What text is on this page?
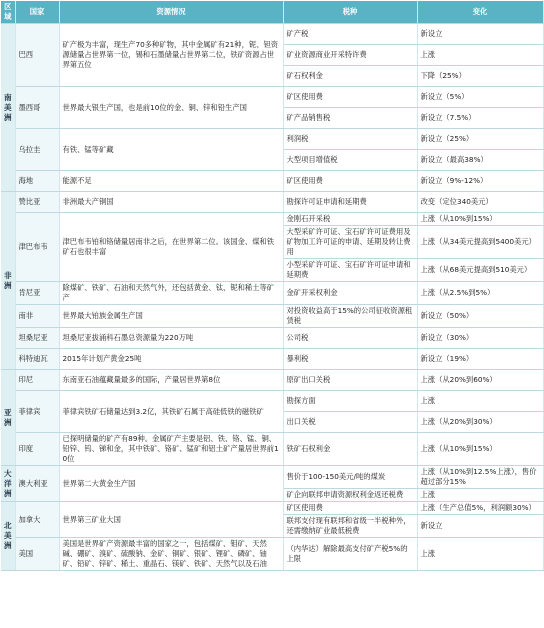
区域	国家	资源情况	税种	变化
南美洲	巴西	矿产极为丰富，现生产70多种矿物，其中金属矿有21种，铌、钽资源储量占世界第一位，锡和石墨储量占世界第二位，铁矿资源占世界第五位	矿产税	新设立
			矿业资源商业开采特许费	上涨
			矿石权利金	下降（25%）
	墨西哥	世界最大银生产国，也是前10位的金、铜、锌和铅生产国	矿区使用费	新设立（5%）
			矿产品销售税	新设立（7.5%）
	乌拉圭	有铁、锰等矿藏	利润税	新设立（25%）
			大型项目增值税	新设立（最高38%）
	海地	能源不足	矿区使用费	新设立（9%-12%）
非洲	赞比亚	非洲最大产铜国	勘探许可证申请和延期费	改变（定位340美元）
	津巴布韦	津巴布韦铂和铬储量居南非之后，在世界第二位。该国金、煤和铁矿石也很丰富	金刚石开采税	上涨（从10%到15%）
			大型采矿许可证、宝石矿许可证费用及矿物加工许可证的申请、延期及转让费用	上涨（从34美元提高到5400美元）
			小型采矿许可证、宝石矿许可证申请和延期费	上涨（从68美元提高到510美元）
	肯尼亚	除煤矿、铁矿、石油和天然气外，还包括黄金、钛、铌和稀土等矿产	金矿开采权利金	上涨（从2.5%到5%）
	南非	世界最大铂族金属生产国	对投资收益高于15%的公司征收资源租赁税	新设立（50%）
	坦桑尼亚	坦桑尼亚拔涌科石墨总资源量为220万吨	公司税	新设立（30%）
	科特迪瓦	2015年计划产黄金25吨	暴利税	新设立（19%）
亚洲	印尼	东南亚石油蕴藏量最多的国际，产量居世界第8位	原矿出口关税	上涨（从20%到60%）
	菲律宾	菲律宾铁矿石储量达到3.2亿，其铁矿石属于高硅低铁的磁铁矿	勘探方面	上涨
			出口关税	上涨（从20%到30%）
	印度	已探明储量的矿产有89种。金属矿产主要是铝、铁、铬、锰、铜、铅锌、钨、锑和金，其中铁矿、铬矿、锰矿和铝土矿产量居世界前10位	铁矿石权利金	上涨（从10%到15%）
大洋洲	澳大利亚	世界第二大黄金生产国	售价于100-150美元/吨的煤炭	上涨（从10%到12.5%上涨），售价超过部分15%
			矿企向联邦申请资源权利金返还税费	上涨
北美洲	加拿大	世界第三矿业大国	矿区使用费	上涨（生产总值5%，利润额30%）
			联邦支付现有联邦和省级一半税种外，还需缴纳矿业最低税费	新设立
	美国	美国是世界矿产资源最丰富的国家之一，包括煤矿、钼矿、天然碱、硼矿、溴矿、硫酸钠、金矿、铜矿、银矿、锂矿、磷矿、铀矿、铅矿、锌矿、稀土、重晶石、镁矿、铁矿、天然气以及石油	（内华达）解除最高支付矿产税5%的上限	上涨
